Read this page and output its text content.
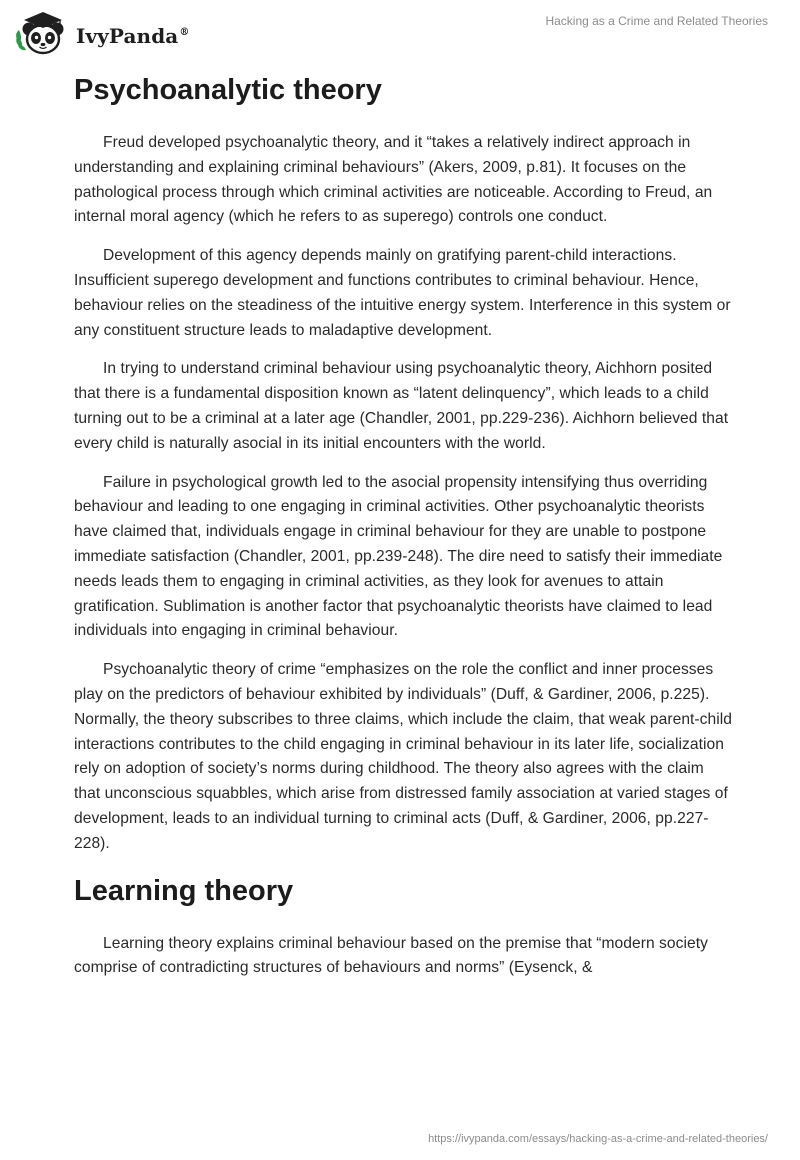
IvyPanda®
Hacking as a Crime and Related Theories
Psychoanalytic theory

Freud developed psychoanalytic theory, and it “takes a relatively indirect approach in understanding and explaining criminal behaviours” (Akers, 2009, p.81). It focuses on the pathological process through which criminal activities are noticeable. According to Freud, an internal moral agency (which he refers to as superego) controls one conduct.

Development of this agency depends mainly on gratifying parent-child interactions. Insufficient superego development and functions contributes to criminal behaviour. Hence, behaviour relies on the steadiness of the intuitive energy system. Interference in this system or any constituent structure leads to maladaptive development.

In trying to understand criminal behaviour using psychoanalytic theory, Aichhorn posited that there is a fundamental disposition known as “latent delinquency”, which leads to a child turning out to be a criminal at a later age (Chandler, 2001, pp.229-236). Aichhorn believed that every child is naturally asocial in its initial encounters with the world.

Failure in psychological growth led to the asocial propensity intensifying thus overriding behaviour and leading to one engaging in criminal activities. Other psychoanalytic theorists have claimed that, individuals engage in criminal behaviour for they are unable to postpone immediate satisfaction (Chandler, 2001, pp.239-248). The dire need to satisfy their immediate needs leads them to engaging in criminal activities, as they look for avenues to attain gratification. Sublimation is another factor that psychoanalytic theorists have claimed to lead individuals into engaging in criminal behaviour.

Psychoanalytic theory of crime “emphasizes on the role the conflict and inner processes play on the predictors of behaviour exhibited by individuals” (Duff, & Gardiner, 2006, p.225). Normally, the theory subscribes to three claims, which include the claim, that weak parent-child interactions contributes to the child engaging in criminal behaviour in its later life, socialization rely on adoption of society’s norms during childhood. The theory also agrees with the claim that unconscious squabbles, which arise from distressed family association at varied stages of development, leads to an individual turning to criminal acts (Duff, & Gardiner, 2006, pp.227-228).

Learning theory

Learning theory explains criminal behaviour based on the premise that “modern society comprise of contradicting structures of behaviours and norms” (Eysenck, &

https://ivypanda.com/essays/hacking-as-a-crime-and-related-theories/
